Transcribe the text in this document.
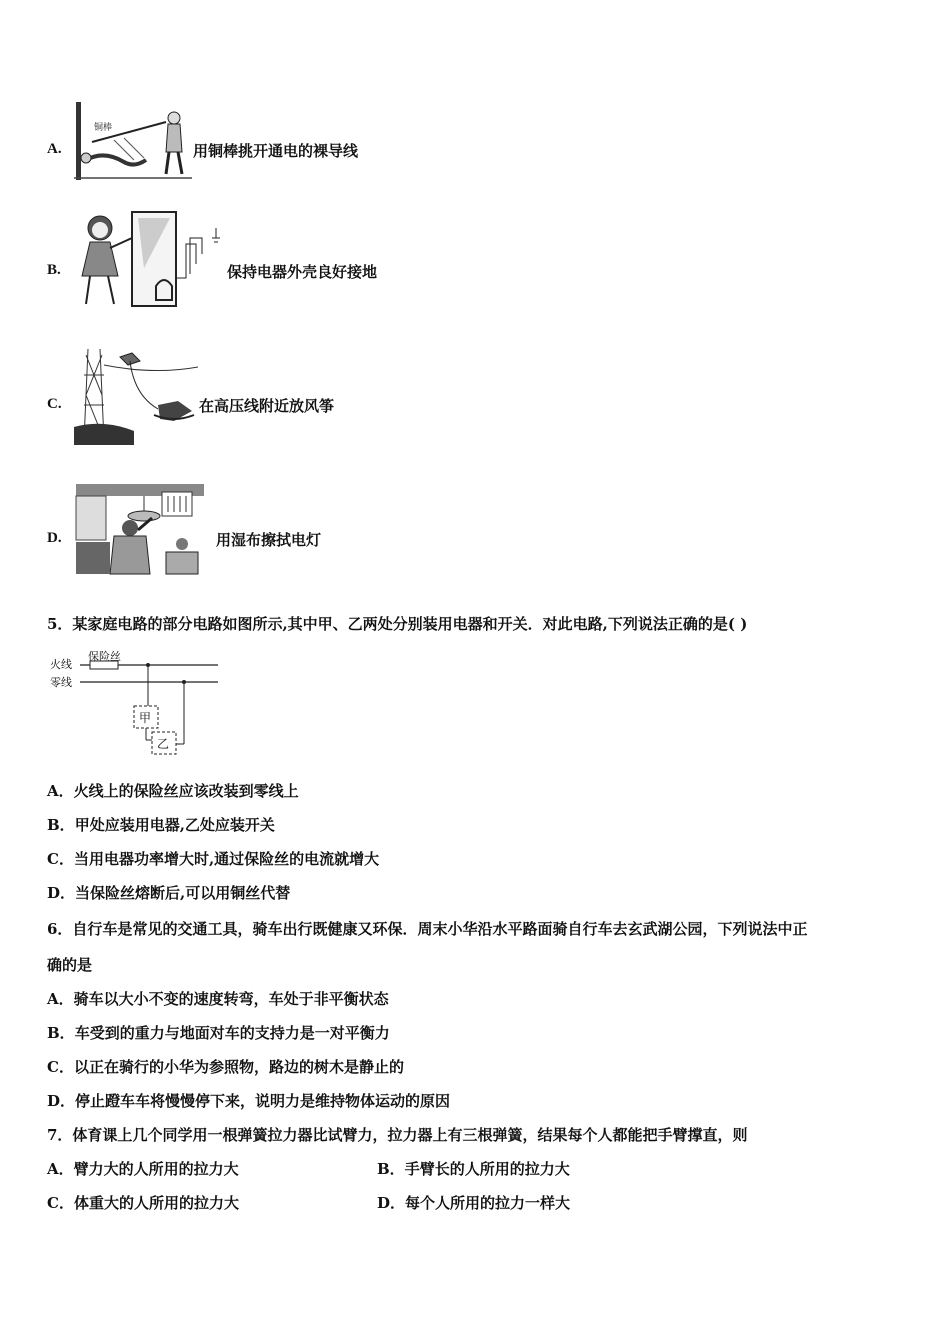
A.
铜棒
用铜棒挑开通电的裸导线
B.	保持电器外壳良好接地
C.	在高压线附近放风筝
D.	用湿布擦拭电灯
5．某家庭电路的部分电路如图所示,其中甲、乙两处分别装用电器和开关．对此电路,下列说法正确的是( )
火线
零线
保险丝
甲
乙
A．火线上的保险丝应该改装到零线上
B．甲处应装用电器,乙处应装开关
C．当用电器功率增大时,通过保险丝的电流就增大
D．当保险丝熔断后,可以用铜丝代替
6．自行车是常见的交通工具，骑车出行既健康又环保．周末小华沿水平路面骑自行车去玄武湖公园，下列说法中正
确的是
A．骑车以大小不变的速度转弯，车处于非平衡状态
B．车受到的重力与地面对车的支持力是一对平衡力
C．以正在骑行的小华为参照物，路边的树木是静止的
D．停止蹬车车将慢慢停下来，说明力是维持物体运动的原因
7．体育课上几个同学用一根弹簧拉力器比试臂力，拉力器上有三根弹簧，结果每个人都能把手臂撑直，则
A．臂力大的人所用的拉力大	B．手臂长的人所用的拉力大
C．体重大的人所用的拉力大	D．每个人所用的拉力一样大
